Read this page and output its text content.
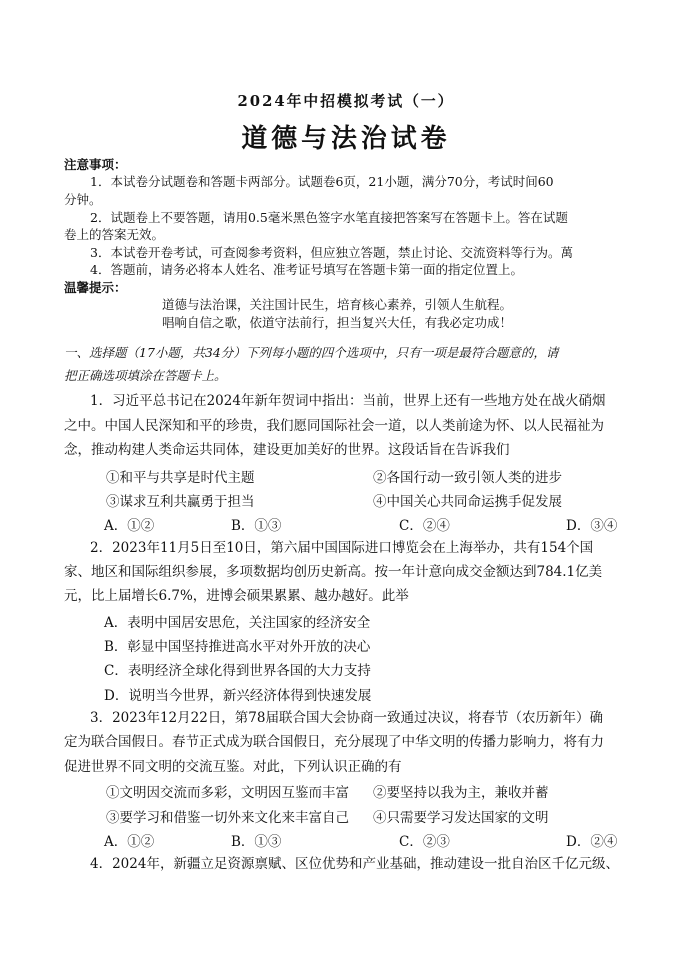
2024年中招模拟考试（一）
道德与法治试卷
注意事项：
1．本试卷分试题卷和答题卡两部分。试题卷6页，21小题，满分70分，考试时间60
分钟。
2．试题卷上不要答题，请用0.5毫米黑色签字水笔直接把答案写在答题卡上。答在试题
卷上的答案无效。
3．本试卷开卷考试，可查阅参考资料，但应独立答题，禁止讨论、交流资料等行为。萬
4．答题前，请务必将本人姓名、准考证号填写在答题卡第一面的指定位置上。
温馨提示：
道德与法治课，关注国计民生，培育核心素养，引领人生航程。
唱响自信之歌，依道守法前行，担当复兴大任，有我必定功成！
一、选择题（17小题，共34分）下列每小题的四个选项中，只有一项是最符合题意的，请
把正确选项填涂在答题卡上。
1．习近平总书记在2024年新年贺词中指出：当前，世界上还有一些地方处在战火硝烟
之中。中国人民深知和平的珍贵，我们愿同国际社会一道，以人类前途为怀、以人民福祉为
念，推动构建人类命运共同体，建设更加美好的世界。这段话旨在告诉我们
①和平与共享是时代主题	②各国行动一致引领人类的进步
③谋求互利共赢勇于担当	④中国关心共同命运携手促发展
A．①②	B．①③	C．②④	D．③④
2．2023年11月5日至10日，第六届中国国际进口博览会在上海举办，共有154个国
家、地区和国际组织参展，多项数据均创历史新高。按一年计意向成交金额达到784.1亿美
元，比上届增长6.7%，进博会硕果累累、越办越好。此举
A．表明中国居安思危，关注国家的经济安全
B．彰显中国坚持推进高水平对外开放的决心
C．表明经济全球化得到世界各国的大力支持
D．说明当今世界，新兴经济体得到快速发展
3．2023年12月22日，第78届联合国大会协商一致通过决议，将春节（农历新年）确
定为联合国假日。春节正式成为联合国假日，充分展现了中华文明的传播力影响力，将有力
促进世界不同文明的交流互鉴。对此，下列认识正确的有
①文明因交流而多彩，文明因互鉴而丰富 ②要坚持以我为主，兼收并蓄
③要学习和借鉴一切外来文化来丰富自己 ④只需要学习发达国家的文明
A．①②	B．①③	C．②③	D．②④
4．2024年，新疆立足资源禀赋、区位优势和产业基础，推动建设一批自治区千亿元级、
